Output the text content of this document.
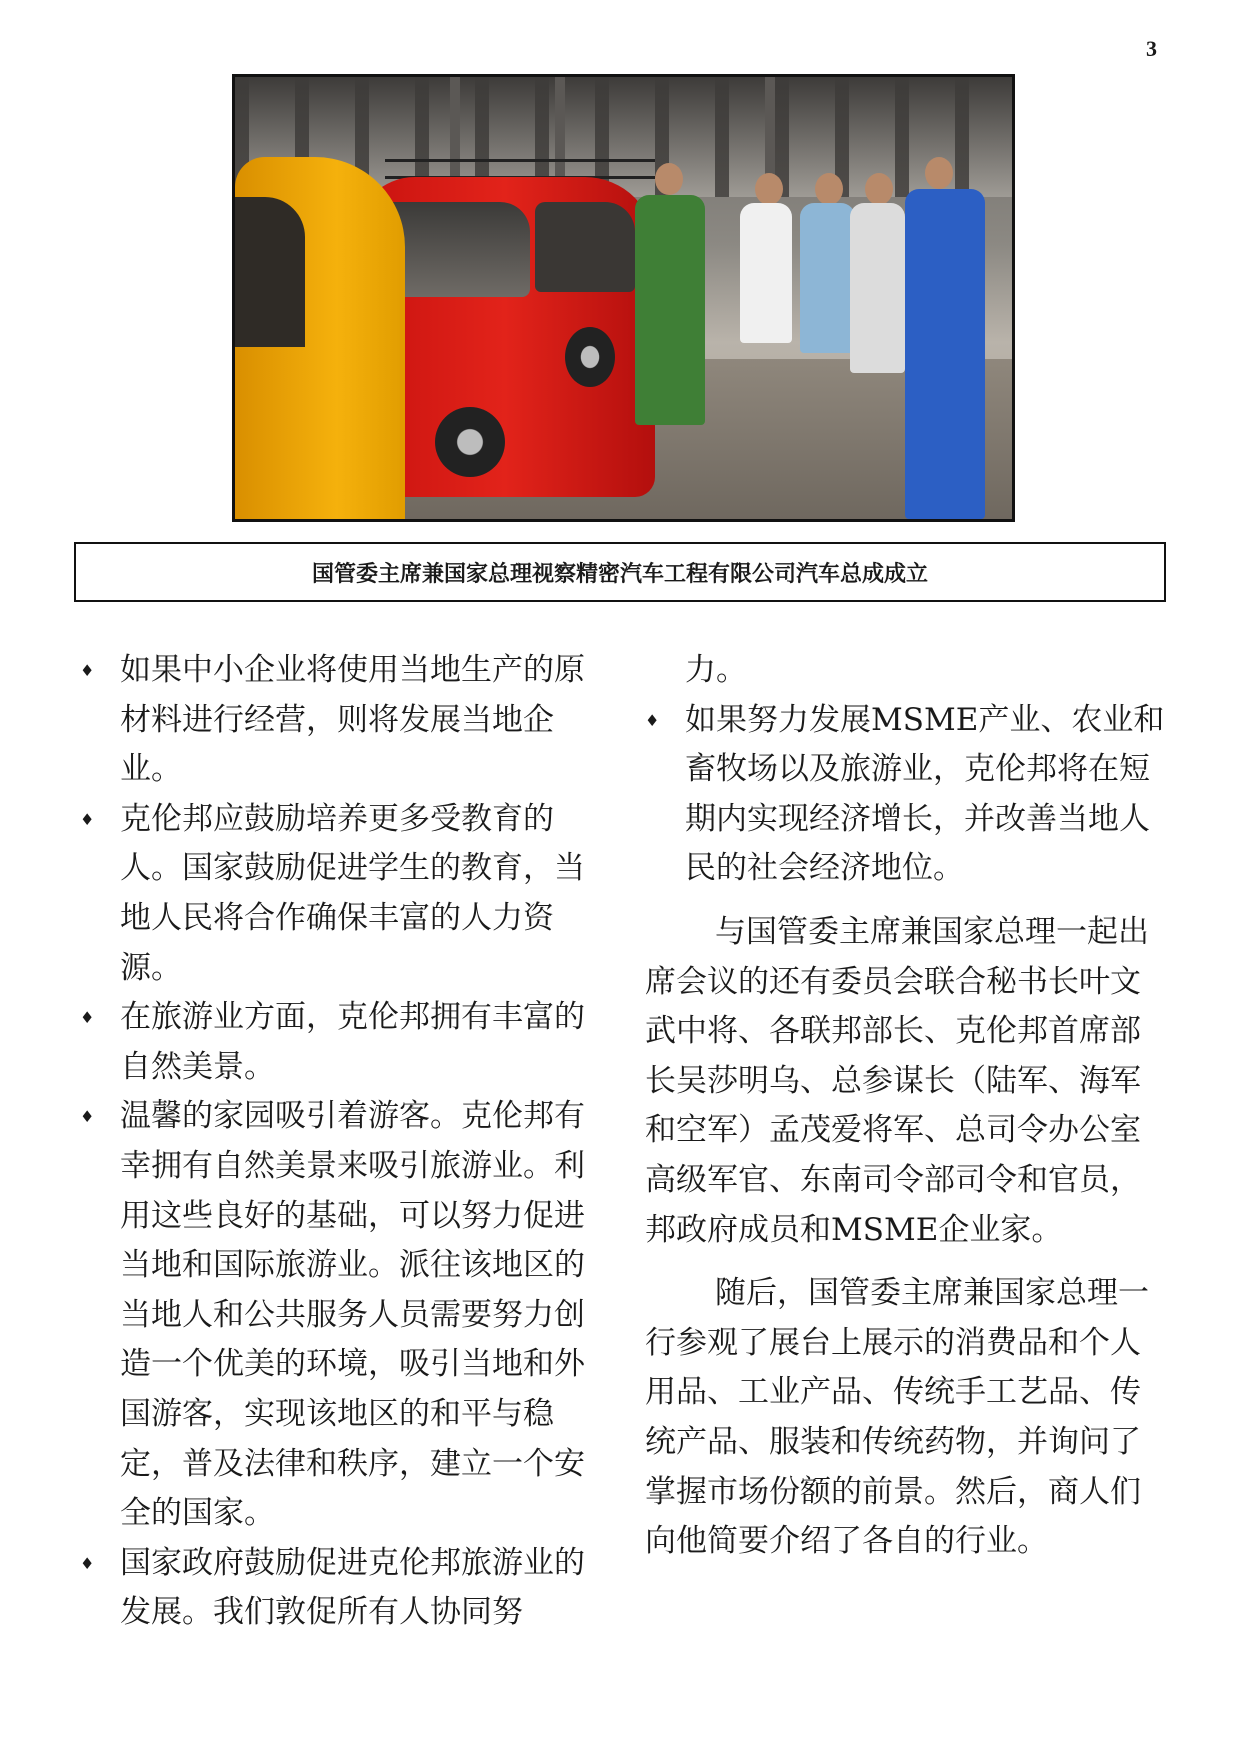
3
国管委主席兼国家总理视察精密汽车工程有限公司汽车总成成立

♦ 如果中小企业将使用当地生产的原材料进行经营，则将发展当地企业。

♦ 克伦邦应鼓励培养更多受教育的人。国家鼓励促进学生的教育，当地人民将合作确保丰富的人力资源。

♦ 在旅游业方面，克伦邦拥有丰富的自然美景。

♦ 温馨的家园吸引着游客。克伦邦有幸拥有自然美景来吸引旅游业。利用这些良好的基础，可以努力促进当地和国际旅游业。派往该地区的当地人和公共服务人员需要努力创造一个优美的环境，吸引当地和外国游客，实现该地区的和平与稳定，普及法律和秩序，建立一个安全的国家。

♦ 国家政府鼓励促进克伦邦旅游业的发展。我们敦促所有人协同努

力。

♦ 如果努力发展MSME产业、农业和畜牧场以及旅游业，克伦邦将在短期内实现经济增长，并改善当地人民的社会经济地位。

与国管委主席兼国家总理一起出席会议的还有委员会联合秘书长叶文武中将、各联邦部长、克伦邦首席部长吴莎明乌、总参谋长（陆军、海军和空军）孟茂爱将军、总司令办公室高级军官、东南司令部司令和官员，邦政府成员和MSME企业家。

随后，国管委主席兼国家总理一行参观了展台上展示的消费品和个人用品、工业产品、传统手工艺品、传统产品、服装和传统药物，并询问了掌握市场份额的前景。然后，商人们向他简要介绍了各自的行业。
